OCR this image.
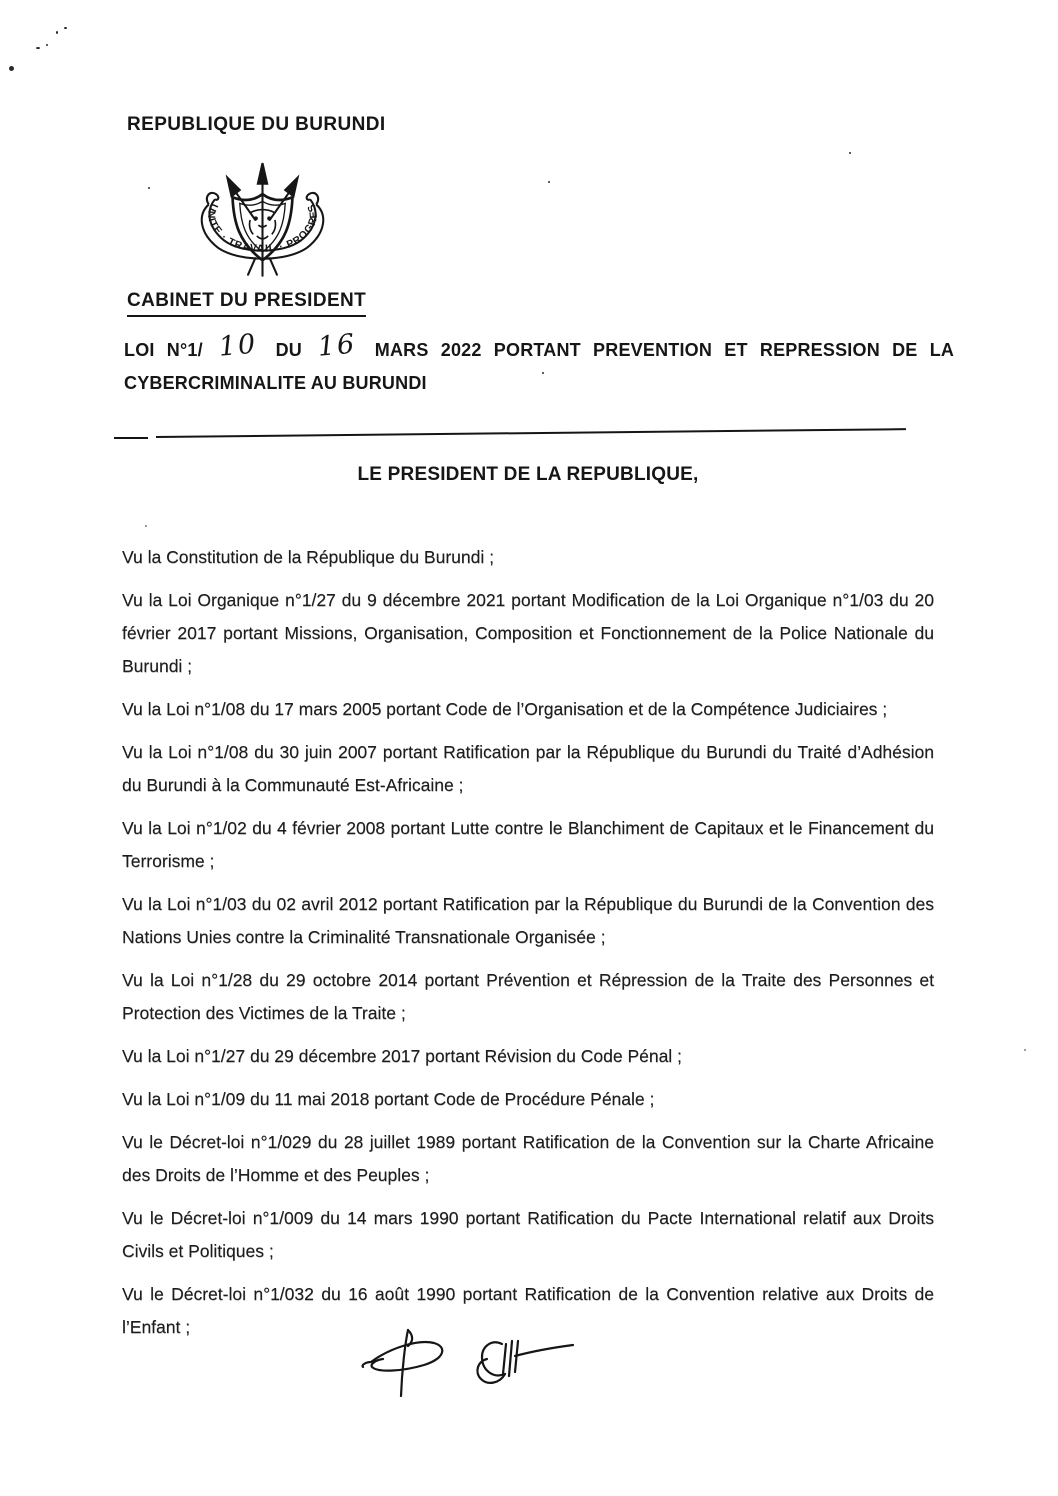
REPUBLIQUE DU BURUNDI
UNITE · TRAVAIL · PROGRES
CABINET DU PRESIDENT
LOI N°1/ 10 DU 16 MARS 2022 PORTANT PREVENTION ET REPRESSION DE LA
CYBERCRIMINALITE AU BURUNDI
LE PRESIDENT DE LA REPUBLIQUE,

Vu la Constitution de la République du Burundi ;

Vu la Loi Organique n°1/27 du 9 décembre 2021 portant Modification de la Loi Organique n°1/03 du 20 février 2017 portant Missions, Organisation, Composition et Fonctionnement de la Police Nationale du Burundi ;

Vu la Loi n°1/08 du 17 mars 2005 portant Code de l’Organisation et de la Compétence Judiciaires ;

Vu la Loi n°1/08 du 30 juin 2007 portant Ratification par la République du Burundi du Traité d’Adhésion du Burundi à la Communauté Est-Africaine ;

Vu la Loi n°1/02 du 4 février 2008 portant Lutte contre le Blanchiment de Capitaux et le Financement du Terrorisme ;

Vu la Loi n°1/03 du 02 avril 2012 portant Ratification par la République du Burundi de la Convention des Nations Unies contre la Criminalité Transnationale Organisée ;

Vu la Loi n°1/28 du 29 octobre 2014 portant Prévention et Répression de la Traite des Personnes et Protection des Victimes de la Traite ;

Vu la Loi n°1/27 du 29 décembre 2017 portant Révision du Code Pénal ;

Vu la Loi n°1/09 du 11 mai 2018 portant Code de Procédure Pénale ;

Vu le Décret-loi n°1/029 du 28 juillet 1989 portant Ratification de la Convention sur la Charte Africaine des Droits de l’Homme et des Peuples ;

Vu le Décret-loi n°1/009 du 14 mars 1990 portant Ratification du Pacte International relatif aux Droits Civils et Politiques ;

Vu le Décret-loi n°1/032 du 16 août 1990 portant Ratification de la Convention relative aux Droits de l’Enfant ;
